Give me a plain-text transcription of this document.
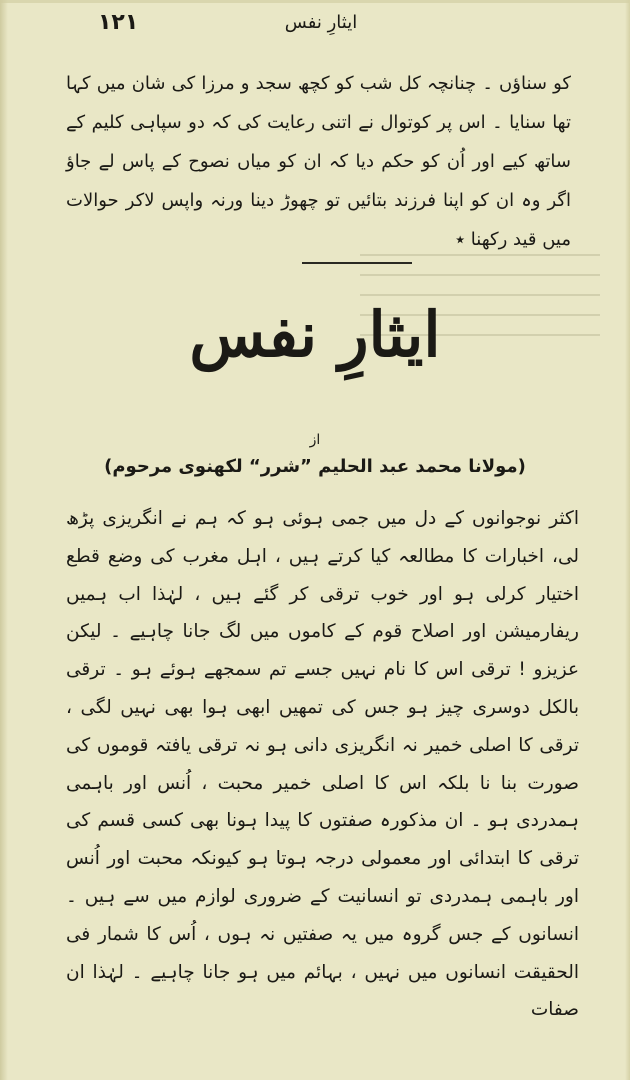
۱۲۱	ایثارِ نفس
کو سناؤں ۔ چنانچہ کل شب کو کچھ سجد و مرزا کی شان میں کہا تھا سنایا ۔ اس پر کوتوال نے اتنی رعایت کی کہ دو سپاہی کلیم کے ساتھ کیے اور اُن کو حکم دیا کہ ان کو میاں نصوح کے پاس لے جاؤ اگر وہ ان کو اپنا فرزند بتائیں تو چھوڑ دینا ورنہ واپس لاکر حوالات میں قید رکھنا ٭
ایثارِ نفس
از
(مولانا محمد عبد الحلیم ”شرر“ لکھنوی مرحوم)
اکثر نوجوانوں کے دل میں جمی ہوئی ہو کہ ہم نے انگریزی پڑھ لی، اخبارات کا مطالعہ کیا کرتے ہیں ، اہل مغرب کی وضع قطع اختیار کرلی ہو اور خوب ترقی کر گئے ہیں ، لہٰذا اب ہمیں ریفارمیشن اور اصلاح قوم کے کاموں میں لگ جانا چاہیے ۔ لیکن عزیزو ! ترقی اس کا نام نہیں جسے تم سمجھے ہوئے ہو ۔ ترقی بالکل دوسری چیز ہو جس کی تمھیں ابھی ہوا بھی نہیں لگی ، ترقی کا اصلی خمیر نہ انگریزی دانی ہو نہ ترقی یافتہ قوموں کی صورت بنا نا بلکہ اس کا اصلی خمیر محبت ، اُنس اور باہمی ہمدردی ہو ۔ ان مذکورہ صفتوں کا پیدا ہونا بھی کسی قسم کی ترقی کا ابتدائی اور معمولی درجہ ہوتا ہو کیونکہ محبت اور اُنس اور باہمی ہمدردی تو انسانیت کے ضروری لوازم میں سے ہیں ۔ انسانوں کے جس گروہ میں یہ صفتیں نہ ہوں ، اُس کا شمار فی الحقیقت انسانوں میں نہیں ، بہائم میں ہو جانا چاہیے ۔ لہٰذا ان صفات
